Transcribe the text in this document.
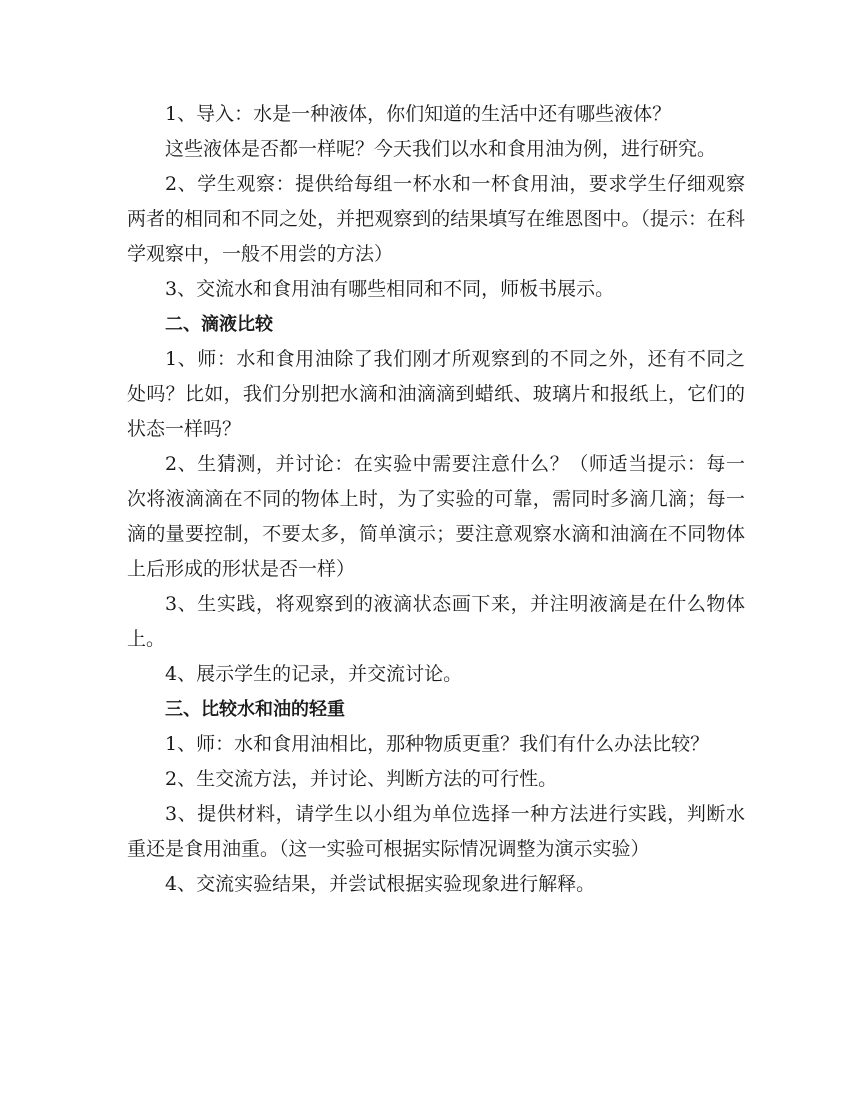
1、导入：水是一种液体，你们知道的生活中还有哪些液体？

这些液体是否都一样呢？今天我们以水和食用油为例，进行研究。

2、学生观察：提供给每组一杯水和一杯食用油，要求学生仔细观察两者的相同和不同之处，并把观察到的结果填写在维恩图中。（提示：在科学观察中，一般不用尝的方法）

3、交流水和食用油有哪些相同和不同，师板书展示。

二、滴液比较

1、师：水和食用油除了我们刚才所观察到的不同之外，还有不同之处吗？比如，我们分别把水滴和油滴滴到蜡纸、玻璃片和报纸上，它们的状态一样吗？

2、生猜测，并讨论：在实验中需要注意什么？（师适当提示：每一次将液滴滴在不同的物体上时，为了实验的可靠，需同时多滴几滴；每一滴的量要控制，不要太多，简单演示；要注意观察水滴和油滴在不同物体上后形成的形状是否一样）

3、生实践，将观察到的液滴状态画下来，并注明液滴是在什么物体上。

4、展示学生的记录，并交流讨论。

三、比较水和油的轻重

1、师：水和食用油相比，那种物质更重？我们有什么办法比较？

2、生交流方法，并讨论、判断方法的可行性。

3、提供材料，请学生以小组为单位选择一种方法进行实践，判断水重还是食用油重。（这一实验可根据实际情况调整为演示实验）

4、交流实验结果，并尝试根据实验现象进行解释。
